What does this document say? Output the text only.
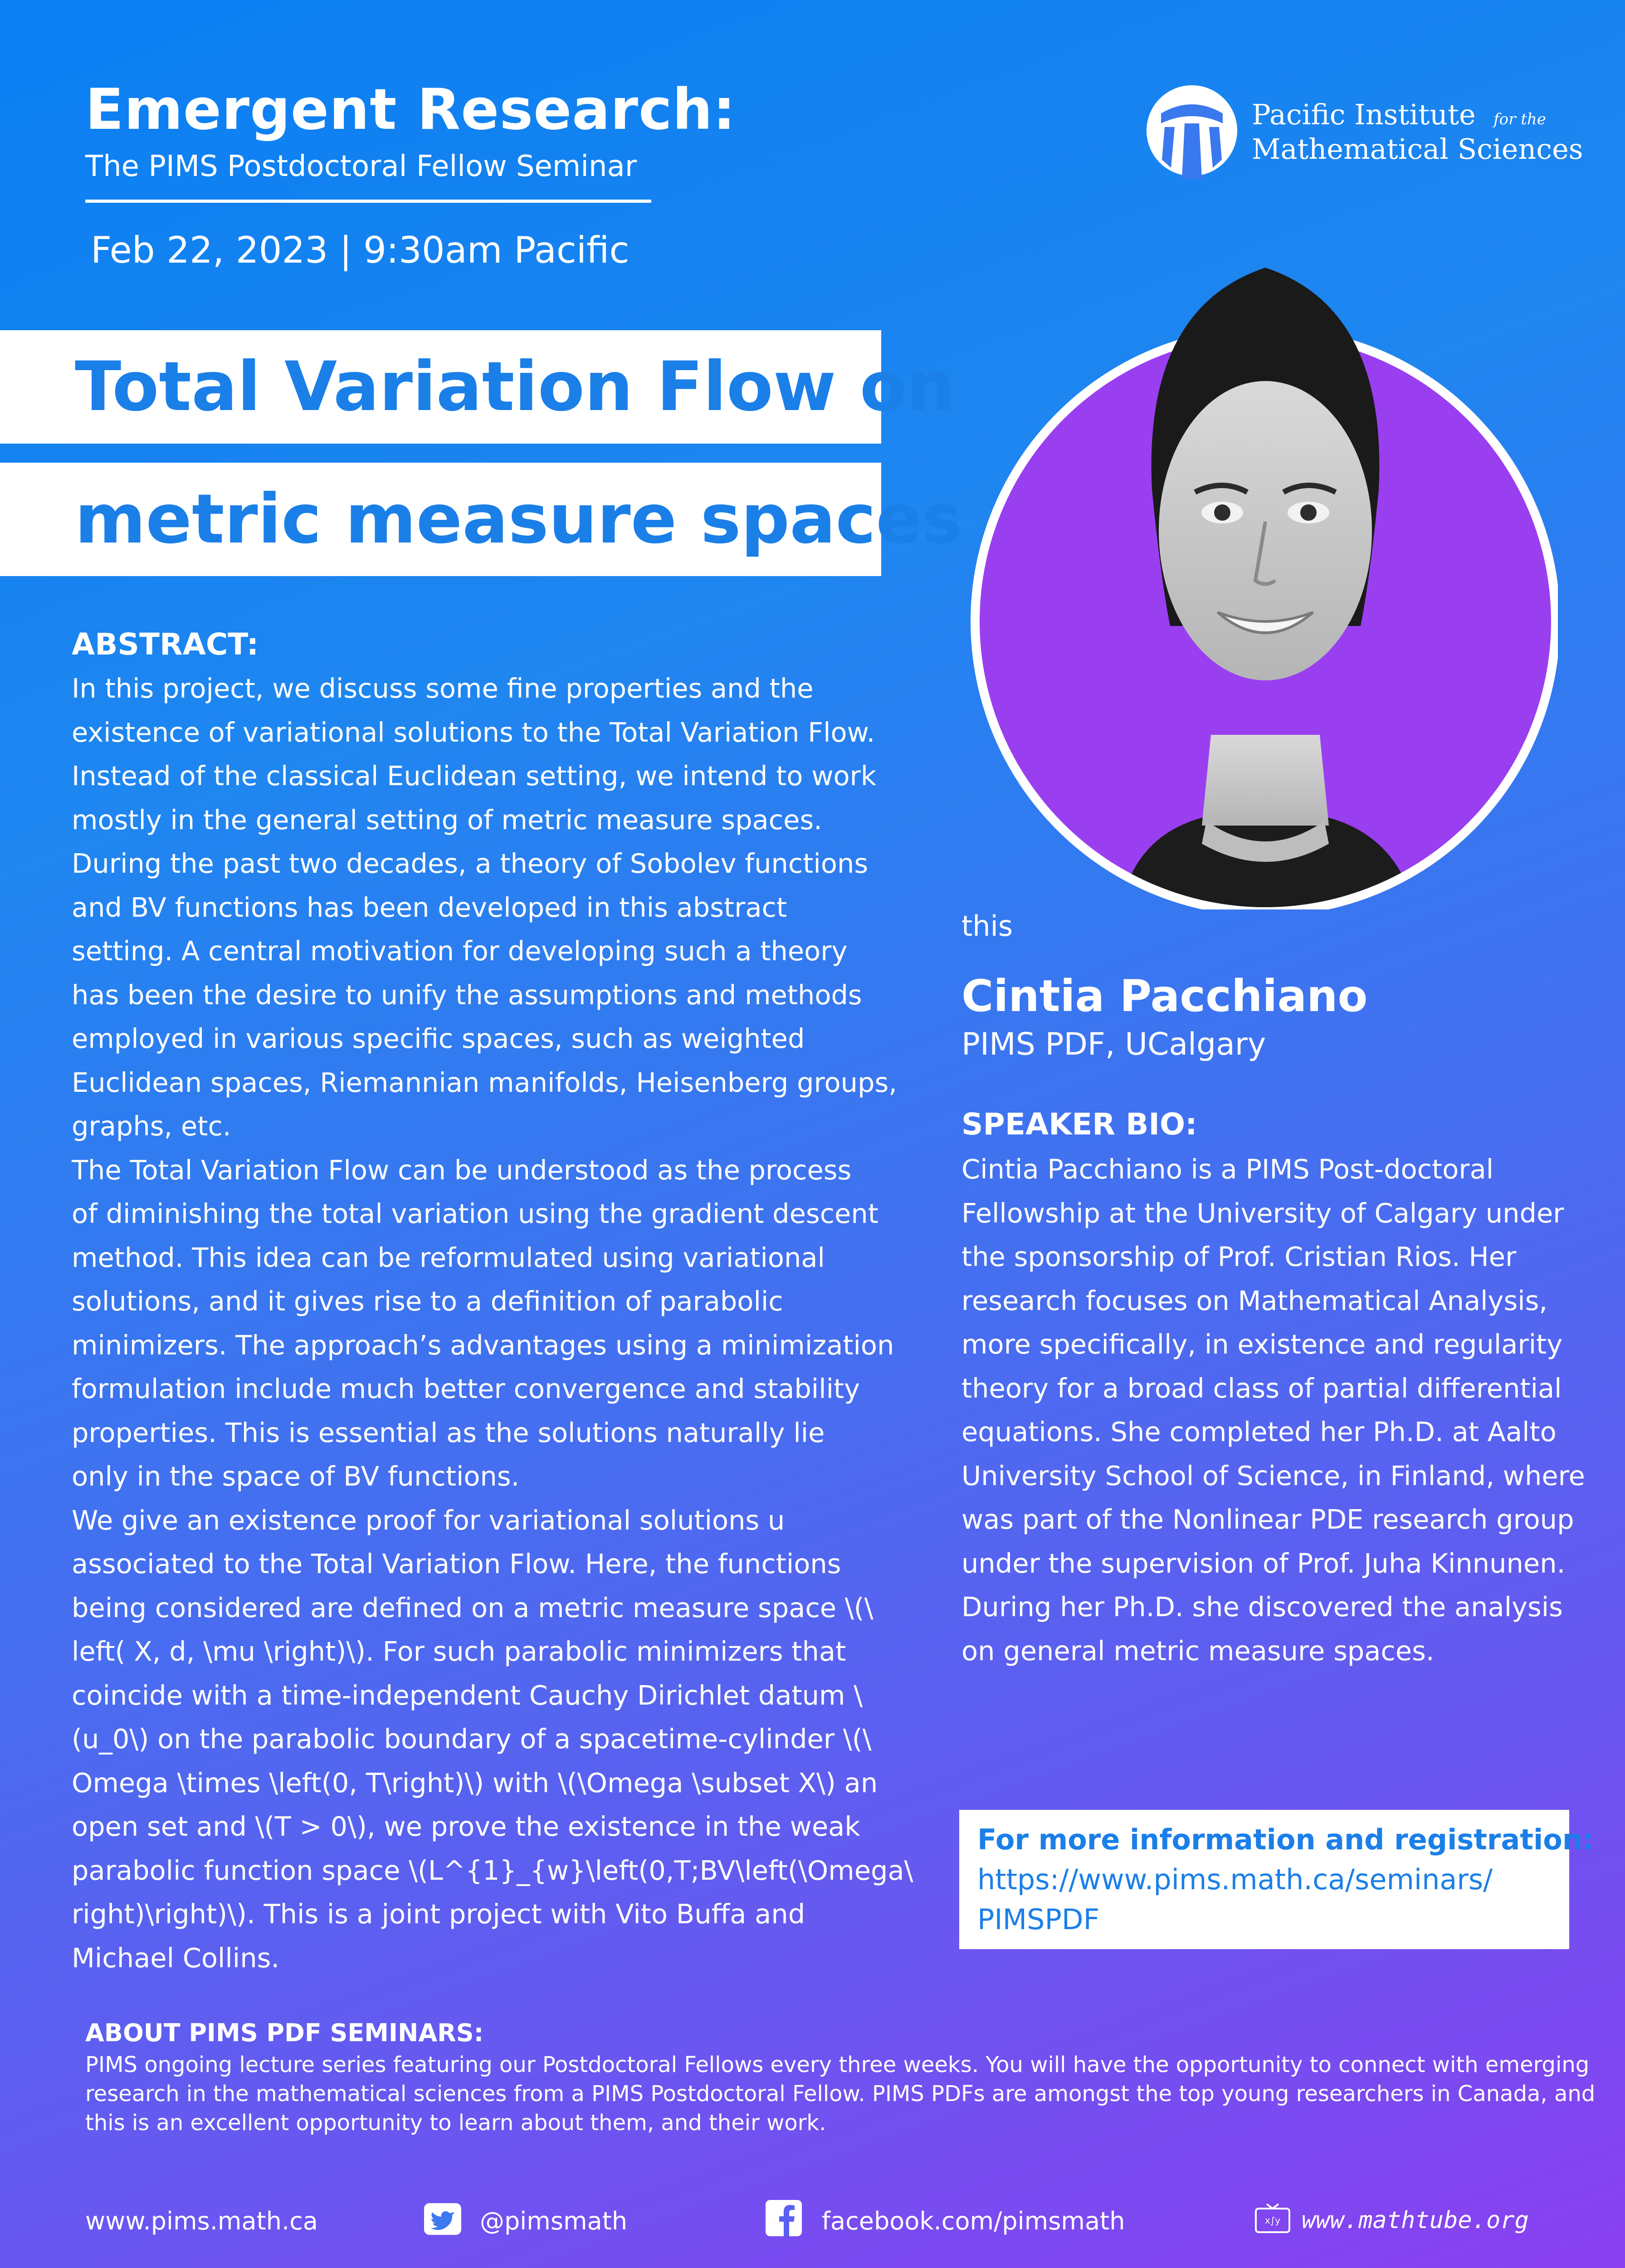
Emergent Research:
The PIMS Postdoctoral Fellow Seminar
Feb 22, 2023 | 9:30am Pacific
Pacific Institute for the
Mathematical Sciences
Total Variation Flow on
metric measure spaces
ABSTRACT:
In this project, we discuss some fine properties and the
existence of variational solutions to the Total Variation Flow.
Instead of the classical Euclidean setting, we intend to work
mostly in the general setting of metric measure spaces.
During the past two decades, a theory of Sobolev functions
and BV functions has been developed in this abstract
setting. A central motivation for developing such a theory
has been the desire to unify the assumptions and methods
employed in various specific spaces, such as weighted
Euclidean spaces, Riemannian manifolds, Heisenberg groups,
graphs, etc.
The Total Variation Flow can be understood as the process
of diminishing the total variation using the gradient descent
method. This idea can be reformulated using variational
solutions, and it gives rise to a definition of parabolic
minimizers. The approach’s advantages using a minimization
formulation include much better convergence and stability
properties. This is essential as the solutions naturally lie
only in the space of BV functions.
We give an existence proof for variational solutions u
associated to the Total Variation Flow. Here, the functions
being considered are defined on a metric measure space \(\
left( X, d, \mu \right)\). For such parabolic minimizers that
coincide with a time-independent Cauchy Dirichlet datum \
(u_0\) on the parabolic boundary of a spacetime-cylinder \(\
Omega \times \left(0, T\right)\) with \(\Omega \subset X\) an
open set and \(T > 0\), we prove the existence in the weak
parabolic function space \(L^{1}_{w}\left(0,T;BV\left(\Omega\
right)\right)\). This is a joint project with Vito Buffa and
Michael Collins.
this
Cintia Pacchiano
PIMS PDF, UCalgary
SPEAKER BIO:
Cintia Pacchiano is a PIMS Post-doctoral
Fellowship at the University of Calgary under
the sponsorship of Prof. Cristian Rios. Her
research focuses on Mathematical Analysis,
more specifically, in existence and regularity
theory for a broad class of partial differential
equations. She completed her Ph.D. at Aalto
University School of Science, in Finland, where
was part of the Nonlinear PDE research group
under the supervision of Prof. Juha Kinnunen.
During her Ph.D. she discovered the analysis
on general metric measure spaces.
For more information and registration:
https://www.pims.math.ca/seminars/
PIMSPDF
ABOUT PIMS PDF SEMINARS:
PIMS ongoing lecture series featuring our Postdoctoral Fellows every three weeks. You will have the opportunity to connect with emerging
research in the mathematical sciences from a PIMS Postdoctoral Fellow. PIMS PDFs are amongst the top young researchers in Canada, and
this is an excellent opportunity to learn about them, and their work.
www.pims.math.ca	@pimsmath	facebook.com/pimsmath	x∫y www.mathtube.org
